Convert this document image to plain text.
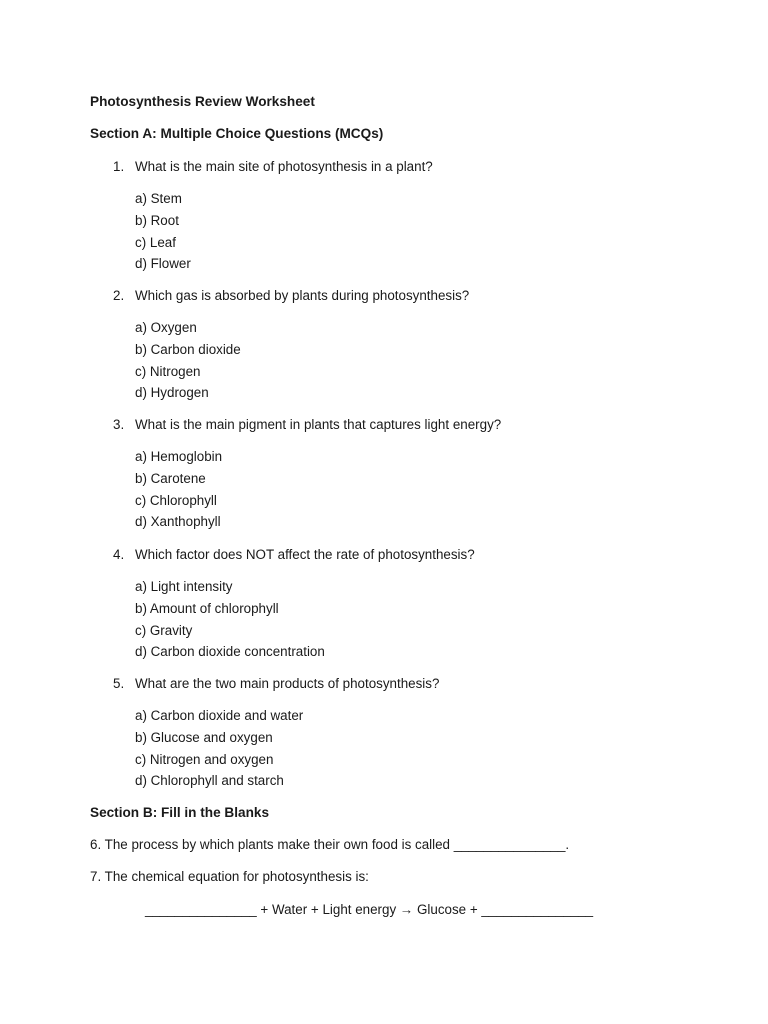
Photosynthesis Review Worksheet
Section A: Multiple Choice Questions (MCQs)
1. What is the main site of photosynthesis in a plant?
a) Stem
b) Root
c) Leaf
d) Flower
2. Which gas is absorbed by plants during photosynthesis?
a) Oxygen
b) Carbon dioxide
c) Nitrogen
d) Hydrogen
3. What is the main pigment in plants that captures light energy?
a) Hemoglobin
b) Carotene
c) Chlorophyll
d) Xanthophyll
4. Which factor does NOT affect the rate of photosynthesis?
a) Light intensity
b) Amount of chlorophyll
c) Gravity
d) Carbon dioxide concentration
5. What are the two main products of photosynthesis?
a) Carbon dioxide and water
b) Glucose and oxygen
c) Nitrogen and oxygen
d) Chlorophyll and starch
Section B: Fill in the Blanks
6. The process by which plants make their own food is called _______________.
7. The chemical equation for photosynthesis is:
_______________ + Water + Light energy → Glucose + _______________
